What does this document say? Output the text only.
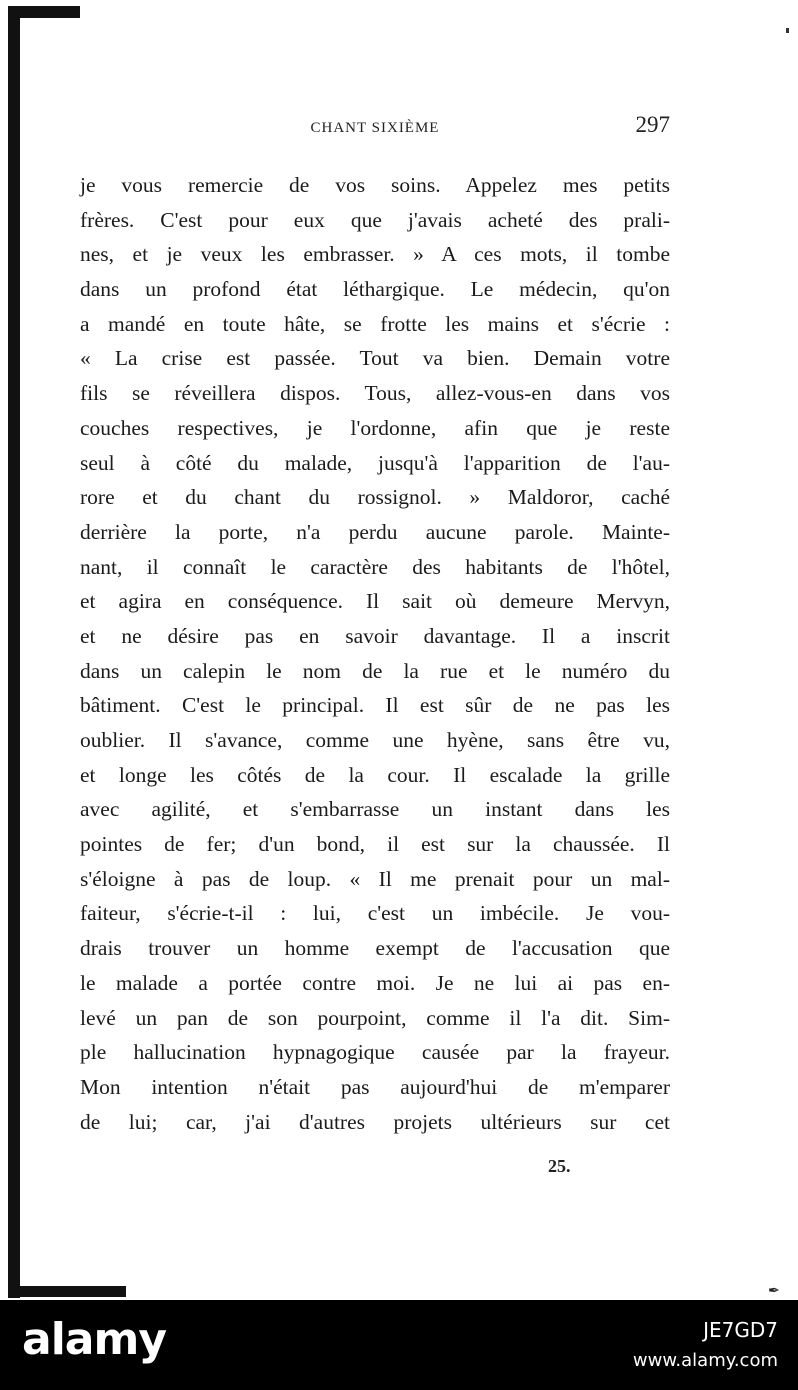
✒
CHANT SIXIÈME	297
je vous remercie de vos soins. Appelez mes petits
frères. C'est pour eux que j'avais acheté des prali-
nes, et je veux les embrasser. » A ces mots, il tombe
dans un profond état léthargique. Le médecin, qu'on
a mandé en toute hâte, se frotte les mains et s'écrie :
« La crise est passée. Tout va bien. Demain votre
fils se réveillera dispos. Tous, allez-vous-en dans vos
couches respectives, je l'ordonne, afin que je reste
seul à côté du malade, jusqu'à l'apparition de l'au-
rore et du chant du rossignol. » Maldoror, caché
derrière la porte, n'a perdu aucune parole. Mainte-
nant, il connaît le caractère des habitants de l'hôtel,
et agira en conséquence. Il sait où demeure Mervyn,
et ne désire pas en savoir davantage. Il a inscrit
dans un calepin le nom de la rue et le numéro du
bâtiment. C'est le principal. Il est sûr de ne pas les
oublier. Il s'avance, comme une hyène, sans être vu,
et longe les côtés de la cour. Il escalade la grille
avec agilité, et s'embarrasse un instant dans les
pointes de fer; d'un bond, il est sur la chaussée. Il
s'éloigne à pas de loup. « Il me prenait pour un mal-
faiteur, s'écrie-t-il : lui, c'est un imbécile. Je vou-
drais trouver un homme exempt de l'accusation que
le malade a portée contre moi. Je ne lui ai pas en-
levé un pan de son pourpoint, comme il l'a dit. Sim-
ple hallucination hypnagogique causée par la frayeur.
Mon intention n'était pas aujourd'hui de m'emparer
de lui; car, j'ai d'autres projets ultérieurs sur cet
25.
alamy	JE7GD7
www.alamy.com
